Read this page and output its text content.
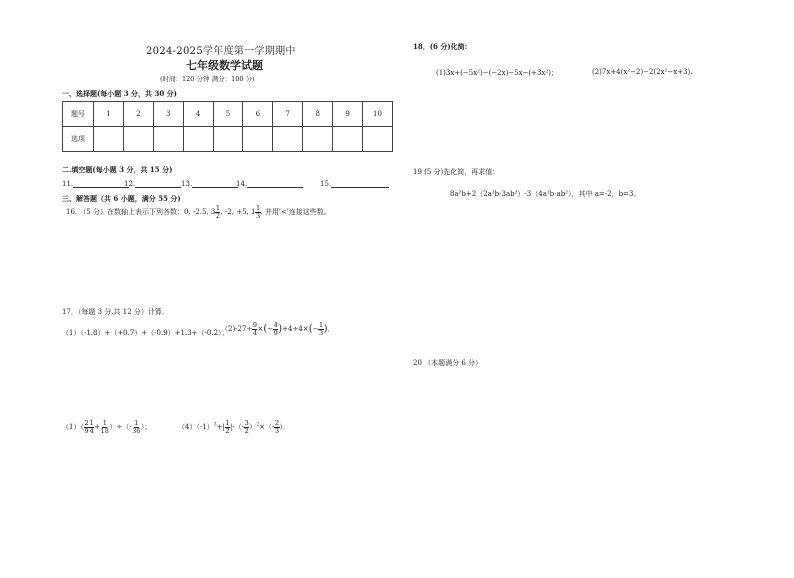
2024-2025学年度第一学期期中
七年级数学试题
(时间：120 分钟 满分：100 分)
一、选择题(每小题 3 分，共 30 分)
题号	1	2	3	4	5	6	7	8	9	10
选项										
二.填空题(每小题 3 分，共 15 分)
11.	12.	13.	14.	15.
三、解答题（共 6 小题，满分 55 分)
16. （5 分）在数轴上表示下列各数：0, -2.5, $3 \frac{1}{2}$ , -2, +5, $1 \frac{1}{3}$ . 并用'<'连接这些数。
17．（每题 3 分,共 12 分）计算．
（1）（-1.8）+（+0.7）+（-0.9）+1.3+（-0.2）；
$(2)-27\div \frac{9}{4}$ ×(− $\frac{4}{9} )+4\div 4\times(- \frac{1}{3}$ )．
$(1)( \frac{2}{9} \frac{1}{4} + \frac{1}{18}$ ）÷（- $\frac{1}{36}$ ）；	$(4)(-1)^3+| \frac{1}{2}$ |-（- $\frac{3}{2} )^2\times(- \frac{2}{3}$ ）．
18．(6 分)化简:
(1)3x+(−5x²)−(−2x)−5x−(+3x²)；	(2)7x+4(x²−2)−2(2x²−x+3).
19 (5 分)先化简，再求值：
8a²b+2（2a²b-3ab²）-3（4a²b-ab²），其中 a=-2，b=3。
20 （本题满分 6 分）
